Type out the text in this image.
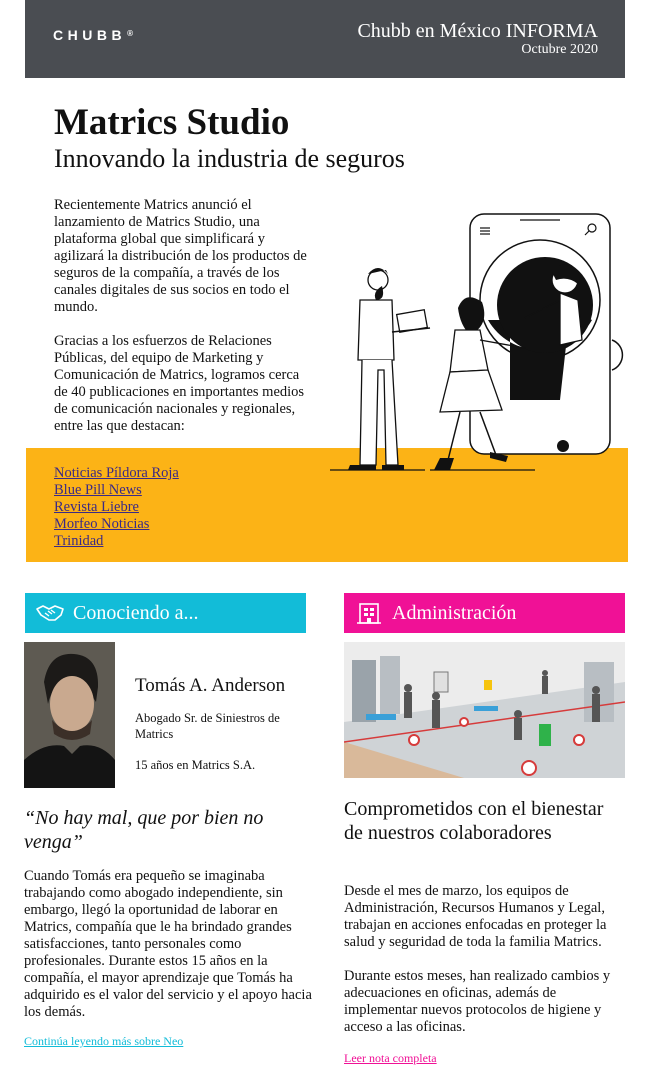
CHUBB®	Chubb en México INFORMA
Octubre 2020
Matrics Studio
Innovando la industria de seguros

Recientemente Matrics anunció el lanzamiento de Matrics Studio, una plataforma global que simplificará y agilizará la distribución de los productos de seguros de la compañía, a través de los canales digitales de sus socios en todo el mundo.

Gracias a los esfuerzos de Relaciones Públicas, del equipo de Marketing y Comunicación de Matrics, logramos cerca de 40 publicaciones en importantes medios de comunicación nacionales y regionales, entre las que destacan:

Noticias Píldora Roja
Blue Pill News
Revista Liebre
Morfeo Noticias
Trinidad
Conociendo a...
Tomás A. Anderson
Abogado Sr. de Siniestros de Matrics
15 años en Matrics S.A.
“No hay mal, que por bien no venga”
Cuando Tomás era pequeño se imaginaba trabajando como abogado independiente, sin embargo, llegó la oportunidad de laborar en Matrics, compañía que le ha brindado grandes satisfacciones, tanto personales como profesionales. Durante estos 15 años en la compañía, el mayor aprendizaje que Tomás ha adquirido es el valor del servicio y el apoyo hacia los demás.
Continúa leyendo más sobre Neo
Administración
Comprometidos con el bienestar de nuestros colaboradores

Desde el mes de marzo, los equipos de Administración, Recursos Humanos y Legal, trabajan en acciones enfocadas en proteger la salud y seguridad de toda la familia Matrics.

Durante estos meses, han realizado cambios y adecuaciones en oficinas, además de implementar nuevos protocolos de higiene y acceso a las oficinas.

Leer nota completa
